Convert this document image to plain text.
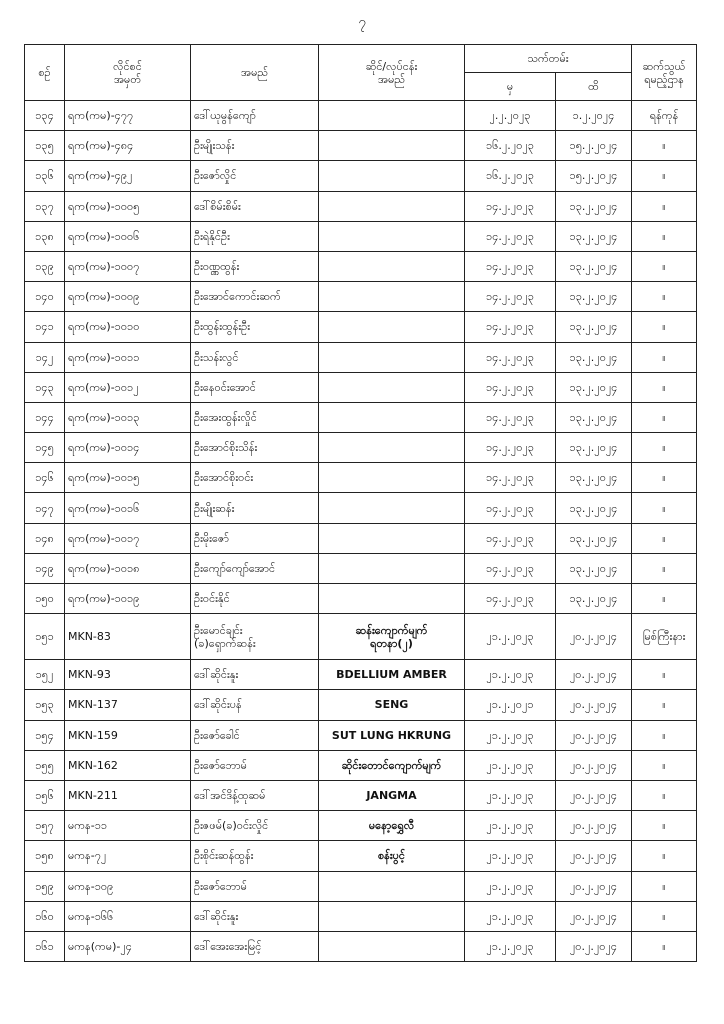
၇
စဉ်	လိုင်စင်
အမှတ်	အမည်	ဆိုင်/လုပ်ငန်း
အမည်	သက်တမ်း		ဆက်သွယ်
ရမည့်ဌာန
				မှ	ထိ	
၁၃၄	ရက(ကမ)-၄၇၇	ဒေါ်ယုမွန်ကျော်		၂.၂.၂၀၂၃	၁.၂.၂၀၂၄	ရန်ကုန်
၁၃၅	ရက(ကမ)-၄၈၄	ဦးမျိုးသန်း		၁၆.၂.၂၀၂၃	၁၅.၂.၂၀၂၄	။
၁၃၆	ရက(ကမ)-၄၉၂	ဦးဇော်လှိုင်		၁၆.၂.၂၀၂၃	၁၅.၂.၂၀၂၄	။
၁၃၇	ရက(ကမ)-၁၀၀၅	ဒေါ်စိမ်းစိမ်း		၁၄.၂.၂၀၂၃	၁၃.၂.၂၀၂၄	။
၁၃၈	ရက(ကမ)-၁၀၀၆	ဦးရဲနိုင်ဦး		၁၄.၂.၂၀၂၃	၁၃.၂.၂၀၂၄	။
၁၃၉	ရက(ကမ)-၁၀၀၇	ဦးဝဏ္ဏထွန်း		၁၄.၂.၂၀၂၃	၁၃.၂.၂၀၂၄	။
၁၄၀	ရက(ကမ)-၁၀၀၉	ဦးအောင်ကောင်းဆက်		၁၄.၂.၂၀၂၃	၁၃.၂.၂၀၂၄	။
၁၄၁	ရက(ကမ)-၁၀၁၀	ဦးထွန်းထွန်းဦး		၁၄.၂.၂၀၂၃	၁၃.၂.၂၀၂၄	။
၁၄၂	ရက(ကမ)-၁၀၁၁	ဦးသန်းလွင်		၁၄.၂.၂၀၂၃	၁၃.၂.၂၀၂၄	။
၁၄၃	ရက(ကမ)-၁၀၁၂	ဦးနေဝင်းအောင်		၁၄.၂.၂၀၂၃	၁၃.၂.၂၀၂၄	။
၁၄၄	ရက(ကမ)-၁၀၁၃	ဦးအေးထွန်းလှိုင်		၁၄.၂.၂၀၂၃	၁၃.၂.၂၀၂၄	။
၁၄၅	ရက(ကမ)-၁၀၁၄	ဦးအောင်စိုးသိန်း		၁၄.၂.၂၀၂၃	၁၃.၂.၂၀၂၄	။
၁၄၆	ရက(ကမ)-၁၀၁၅	ဦးအောင်စိုးဝင်း		၁၄.၂.၂၀၂၃	၁၃.၂.၂၀၂၄	။
၁၄၇	ရက(ကမ)-၁၀၁၆	ဦးမျိုးဆန်း		၁၄.၂.၂၀၂၃	၁၃.၂.၂၀၂၄	။
၁၄၈	ရက(ကမ)-၁၀၁၇	ဦးမိုးဇော်		၁၄.၂.၂၀၂၃	၁၃.၂.၂၀၂၄	။
၁၄၉	ရက(ကမ)-၁၀၁၈	ဦးကျော်ကျော်အောင်		၁၄.၂.၂၀၂၃	၁၃.၂.၂၀၂၄	။
၁၅၀	ရက(ကမ)-၁၀၁၉	ဦးဝင်းနိုင်		၁၄.၂.၂၀၂၃	၁၃.၂.၂၀၂၄	။
၁၅၁	MKN-83	ဦးမောင်ချင်း
(ခ)ရှောက်ဆန်း	ဆန်းကျောက်မျက်
ရတနာ(၂)	၂၁.၂.၂၀၂၃	၂၀.၂.၂၀၂၄	မြစ်ကြီးနား
၁၅၂	MKN-93	ဒေါ်ဆိုင်းနူး	BDELLIUM AMBER	၂၁.၂.၂၀၂၃	၂၀.၂.၂၀၂၄	။
၁၅၃	MKN-137	ဒေါ်ဆိုင်းပန်	SENG	၂၁.၂.၂၀၂၁	၂၀.၂.၂၀၂၄	။
၁၅၄	MKN-159	ဦးဇော်ခေါင်	SUT LUNG HKRUNG	၂၁.၂.၂၀၂၃	၂၀.၂.၂၀၂၄	။
၁၅၅	MKN-162	ဦးဇော်ဘောမ်	ဆိုင်းတောင်ကျောက်မျက်	၂၁.၂.၂၀၂၃	၂၀.၂.၂၀၂၄	။
၁၅၆	MKN-211	ဒေါ်အင်ဒိန့်ထုဆမ်	JANGMA	၂၁.၂.၂၀၂၃	၂၀.၂.၂၀၂၄	။
၁၅၇	မကန-၁၁	ဦးဇဖမ်(ခ)ဝင်းလှိုင်	မနော့ရွှေလီ	၂၁.၂.၂၀၂၃	၂၀.၂.၂၀၂၄	။
၁၅၈	မကန-၇၂	ဦးစိုင်းဆန်ထွန်း	စန်းပွင့်	၂၁.၂.၂၀၂၃	၂၀.၂.၂၀၂၄	။
၁၅၉	မကန-၁၀၉	ဦးဇော်ဘောမ်		၂၁.၂.၂၀၂၃	၂၀.၂.၂၀၂၄	။
၁၆၀	မကန-၁၆၆	ဒေါ်ဆိုင်းနူး		၂၁.၂.၂၀၂၃	၂၀.၂.၂၀၂၄	။
၁၆၁	မကန(ကမ)-၂၄	ဒေါ်အေးအေးမြင့်		၂၁.၂.၂၀၂၃	၂၀.၂.၂၀၂၄	။
